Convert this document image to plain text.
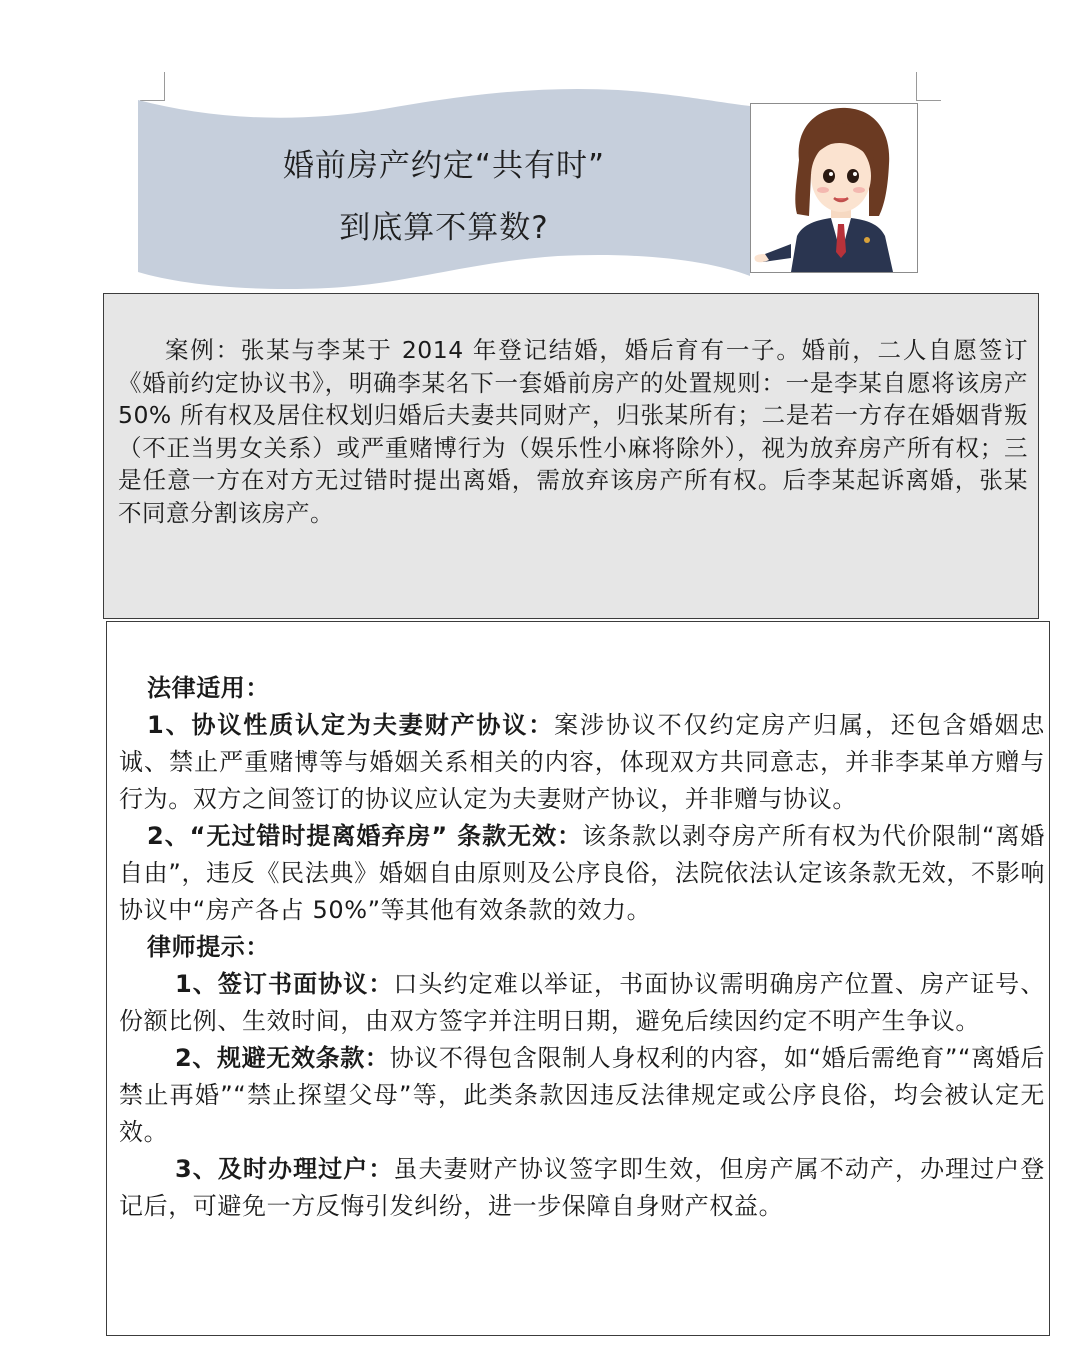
婚前房产约定“共有时”
到底算不算数?

案例：张某与李某于 2014 年登记结婚，婚后育有一子。婚前，二人自愿签订《婚前约定协议书》，明确李某名下一套婚前房产的处置规则：一是李某自愿将该房产 50% 所有权及居住权划归婚后夫妻共同财产，归张某所有；二是若一方存在婚姻背叛（不正当男女关系）或严重赌博行为（娱乐性小麻将除外），视为放弃房产所有权；三是任意一方在对方无过错时提出离婚，需放弃该房产所有权。后李某起诉离婚，张某不同意分割该房产。

法律适用：

1、协议性质认定为夫妻财产协议：案涉协议不仅约定房产归属，还包含婚姻忠诚、禁止严重赌博等与婚姻关系相关的内容，体现双方共同意志，并非李某单方赠与行为。双方之间签订的协议应认定为夫妻财产协议，并非赠与协议。

2、“无过错时提离婚弃房” 条款无效：该条款以剥夺房产所有权为代价限制“离婚自由”，违反《民法典》婚姻自由原则及公序良俗，法院依法认定该条款无效，不影响协议中“房产各占 50%”等其他有效条款的效力。

律师提示：

1、签订书面协议：口头约定难以举证，书面协议需明确房产位置、房产证号、份额比例、生效时间，由双方签字并注明日期，避免后续因约定不明产生争议。

2、规避无效条款：协议不得包含限制人身权利的内容，如“婚后需绝育”“离婚后禁止再婚”“禁止探望父母”等，此类条款因违反法律规定或公序良俗，均会被认定无效。

3、及时办理过户：虽夫妻财产协议签字即生效，但房产属不动产，办理过户登记后，可避免一方反悔引发纠纷，进一步保障自身财产权益。
